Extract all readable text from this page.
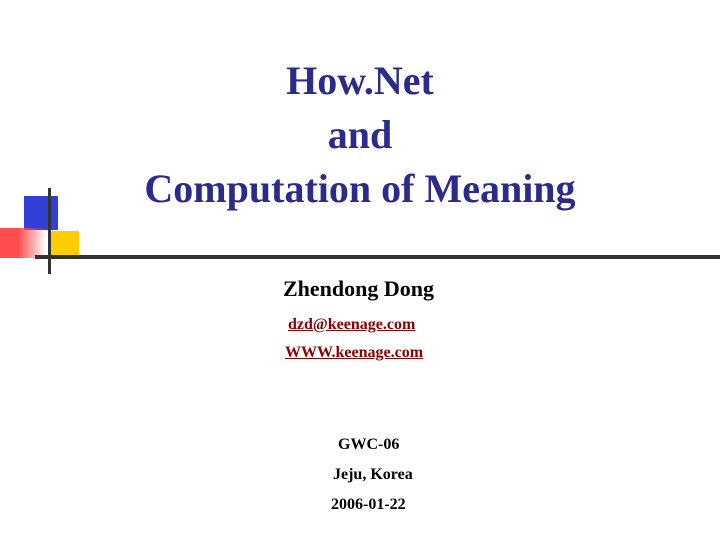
How.Net
and
Computation of Meaning
Zhendong Dong
dzd@keenage.com
WWW.keenage.com
GWC-06
Jeju, Korea
2006-01-22
